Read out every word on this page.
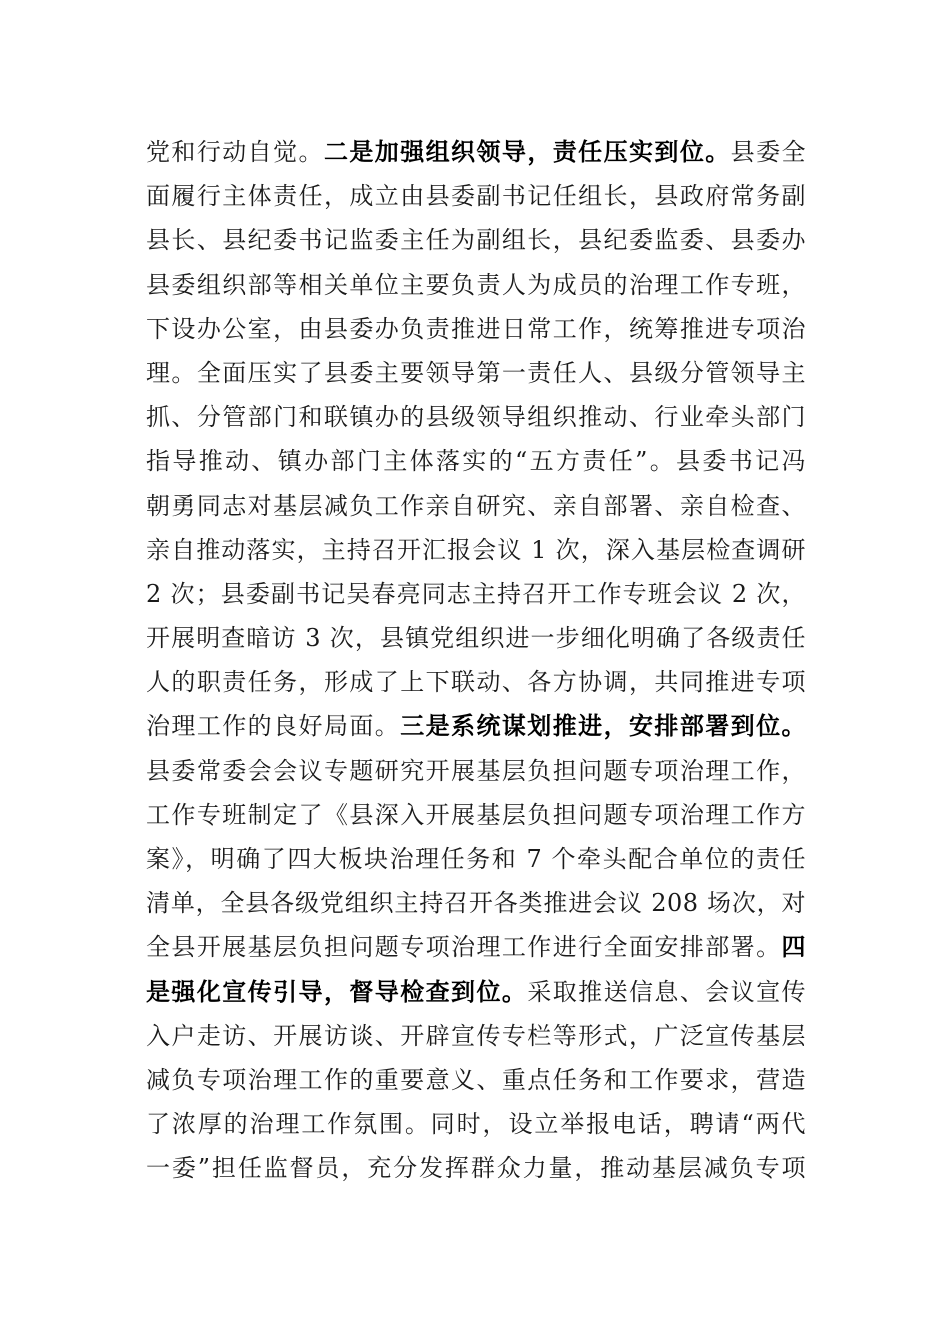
党和行动自觉。二是加强组织领导，责任压实到位。县委全
面履行主体责任，成立由县委副书记任组长，县政府常务副
县长、县纪委书记监委主任为副组长，县纪委监委、县委办
县委组织部等相关单位主要负责人为成员的治理工作专班，
下设办公室，由县委办负责推进日常工作，统筹推进专项治
理。全面压实了县委主要领导第一责任人、县级分管领导主
抓、分管部门和联镇办的县级领导组织推动、行业牵头部门
指导推动、镇办部门主体落实的“五方责任”。县委书记冯
朝勇同志对基层减负工作亲自研究、亲自部署、亲自检查、
亲自推动落实，主持召开汇报会议 1 次，深入基层检查调研
2 次；县委副书记吴春亮同志主持召开工作专班会议 2 次，
开展明查暗访 3 次，县镇党组织进一步细化明确了各级责任
人的职责任务，形成了上下联动、各方协调，共同推进专项
治理工作的良好局面。三是系统谋划推进，安排部署到位。
县委常委会会议专题研究开展基层负担问题专项治理工作，
工作专班制定了《县深入开展基层负担问题专项治理工作方
案》，明确了四大板块治理任务和 7 个牵头配合单位的责任
清单，全县各级党组织主持召开各类推进会议 208 场次，对
全县开展基层负担问题专项治理工作进行全面安排部署。四
是强化宣传引导，督导检查到位。采取推送信息、会议宣传
入户走访、开展访谈、开辟宣传专栏等形式，广泛宣传基层
减负专项治理工作的重要意义、重点任务和工作要求，营造
了浓厚的治理工作氛围。同时，设立举报电话，聘请“两代
一委”担任监督员，充分发挥群众力量，推动基层减负专项
